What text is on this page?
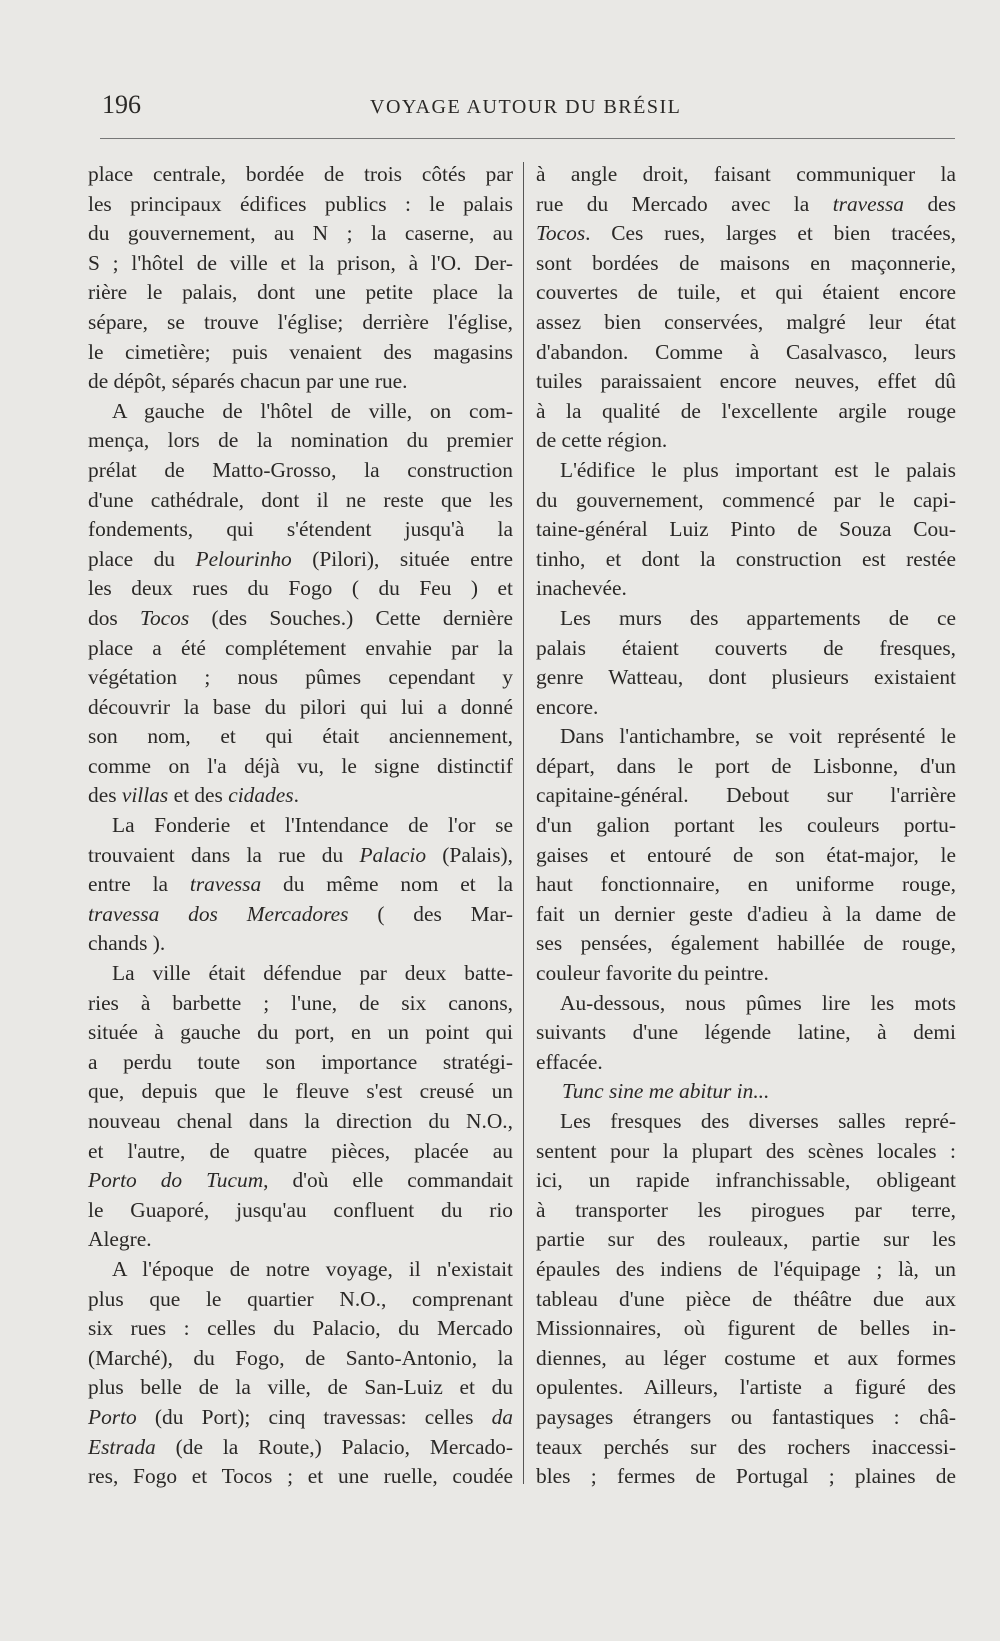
196	VOYAGE AUTOUR DU BRÉSIL

place centrale, bordée de trois côtés par

les principaux édifices publics : le palais

du gouvernement, au N ; la caserne, au

S ; l'hôtel de ville et la prison, à l'O. Der-

rière le palais, dont une petite place la

sépare, se trouve l'église; derrière l'église,

le cimetière; puis venaient des magasins

de dépôt, séparés chacun par une rue.

A gauche de l'hôtel de ville, on com-

mença, lors de la nomination du premier

prélat de Matto-Grosso, la construction

d'une cathédrale, dont il ne reste que les

fondements, qui s'étendent jusqu'à la

place du Pelourinho (Pilori), située entre

les deux rues du Fogo ( du Feu ) et

dos Tocos (des Souches.) Cette dernière

place a été complétement envahie par la

végétation ; nous pûmes cependant y

découvrir la base du pilori qui lui a donné

son nom, et qui était anciennement,

comme on l'a déjà vu, le signe distinctif

des villas et des cidades.

La Fonderie et l'Intendance de l'or se

trouvaient dans la rue du Palacio (Palais),

entre la travessa du même nom et la

travessa dos Mercadores ( des Mar-

chands ).

La ville était défendue par deux batte-

ries à barbette ; l'une, de six canons,

située à gauche du port, en un point qui

a perdu toute son importance stratégi-

que, depuis que le fleuve s'est creusé un

nouveau chenal dans la direction du N.O.,

et l'autre, de quatre pièces, placée au

Porto do Tucum, d'où elle commandait

le Guaporé, jusqu'au confluent du rio

Alegre.

A l'époque de notre voyage, il n'existait

plus que le quartier N.O., comprenant

six rues : celles du Palacio, du Mercado

(Marché), du Fogo, de Santo-Antonio, la

plus belle de la ville, de San-Luiz et du

Porto (du Port); cinq travessas: celles da

Estrada (de la Route,) Palacio, Mercado-

res, Fogo et Tocos ; et une ruelle, coudée

à angle droit, faisant communiquer la

rue du Mercado avec la travessa des

Tocos. Ces rues, larges et bien tracées,

sont bordées de maisons en maçonnerie,

couvertes de tuile, et qui étaient encore

assez bien conservées, malgré leur état

d'abandon. Comme à Casalvasco, leurs

tuiles paraissaient encore neuves, effet dû

à la qualité de l'excellente argile rouge

de cette région.

L'édifice le plus important est le palais

du gouvernement, commencé par le capi-

taine-général Luiz Pinto de Souza Cou-

tinho, et dont la construction est restée

inachevée.

Les murs des appartements de ce

palais étaient couverts de fresques,

genre Watteau, dont plusieurs existaient

encore.

Dans l'antichambre, se voit représenté le

départ, dans le port de Lisbonne, d'un

capitaine-général. Debout sur l'arrière

d'un galion portant les couleurs portu-

gaises et entouré de son état-major, le

haut fonctionnaire, en uniforme rouge,

fait un dernier geste d'adieu à la dame de

ses pensées, également habillée de rouge,

couleur favorite du peintre.

Au-dessous, nous pûmes lire les mots

suivants d'une légende latine, à demi

effacée.

Tunc sine me abitur in...

Les fresques des diverses salles repré-

sentent pour la plupart des scènes locales :

ici, un rapide infranchissable, obligeant

à transporter les pirogues par terre,

partie sur des rouleaux, partie sur les

épaules des indiens de l'équipage ; là, un

tableau d'une pièce de théâtre due aux

Missionnaires, où figurent de belles in-

diennes, au léger costume et aux formes

opulentes. Ailleurs, l'artiste a figuré des

paysages étrangers ou fantastiques : châ-

teaux perchés sur des rochers inaccessi-

bles ; fermes de Portugal ; plaines de
